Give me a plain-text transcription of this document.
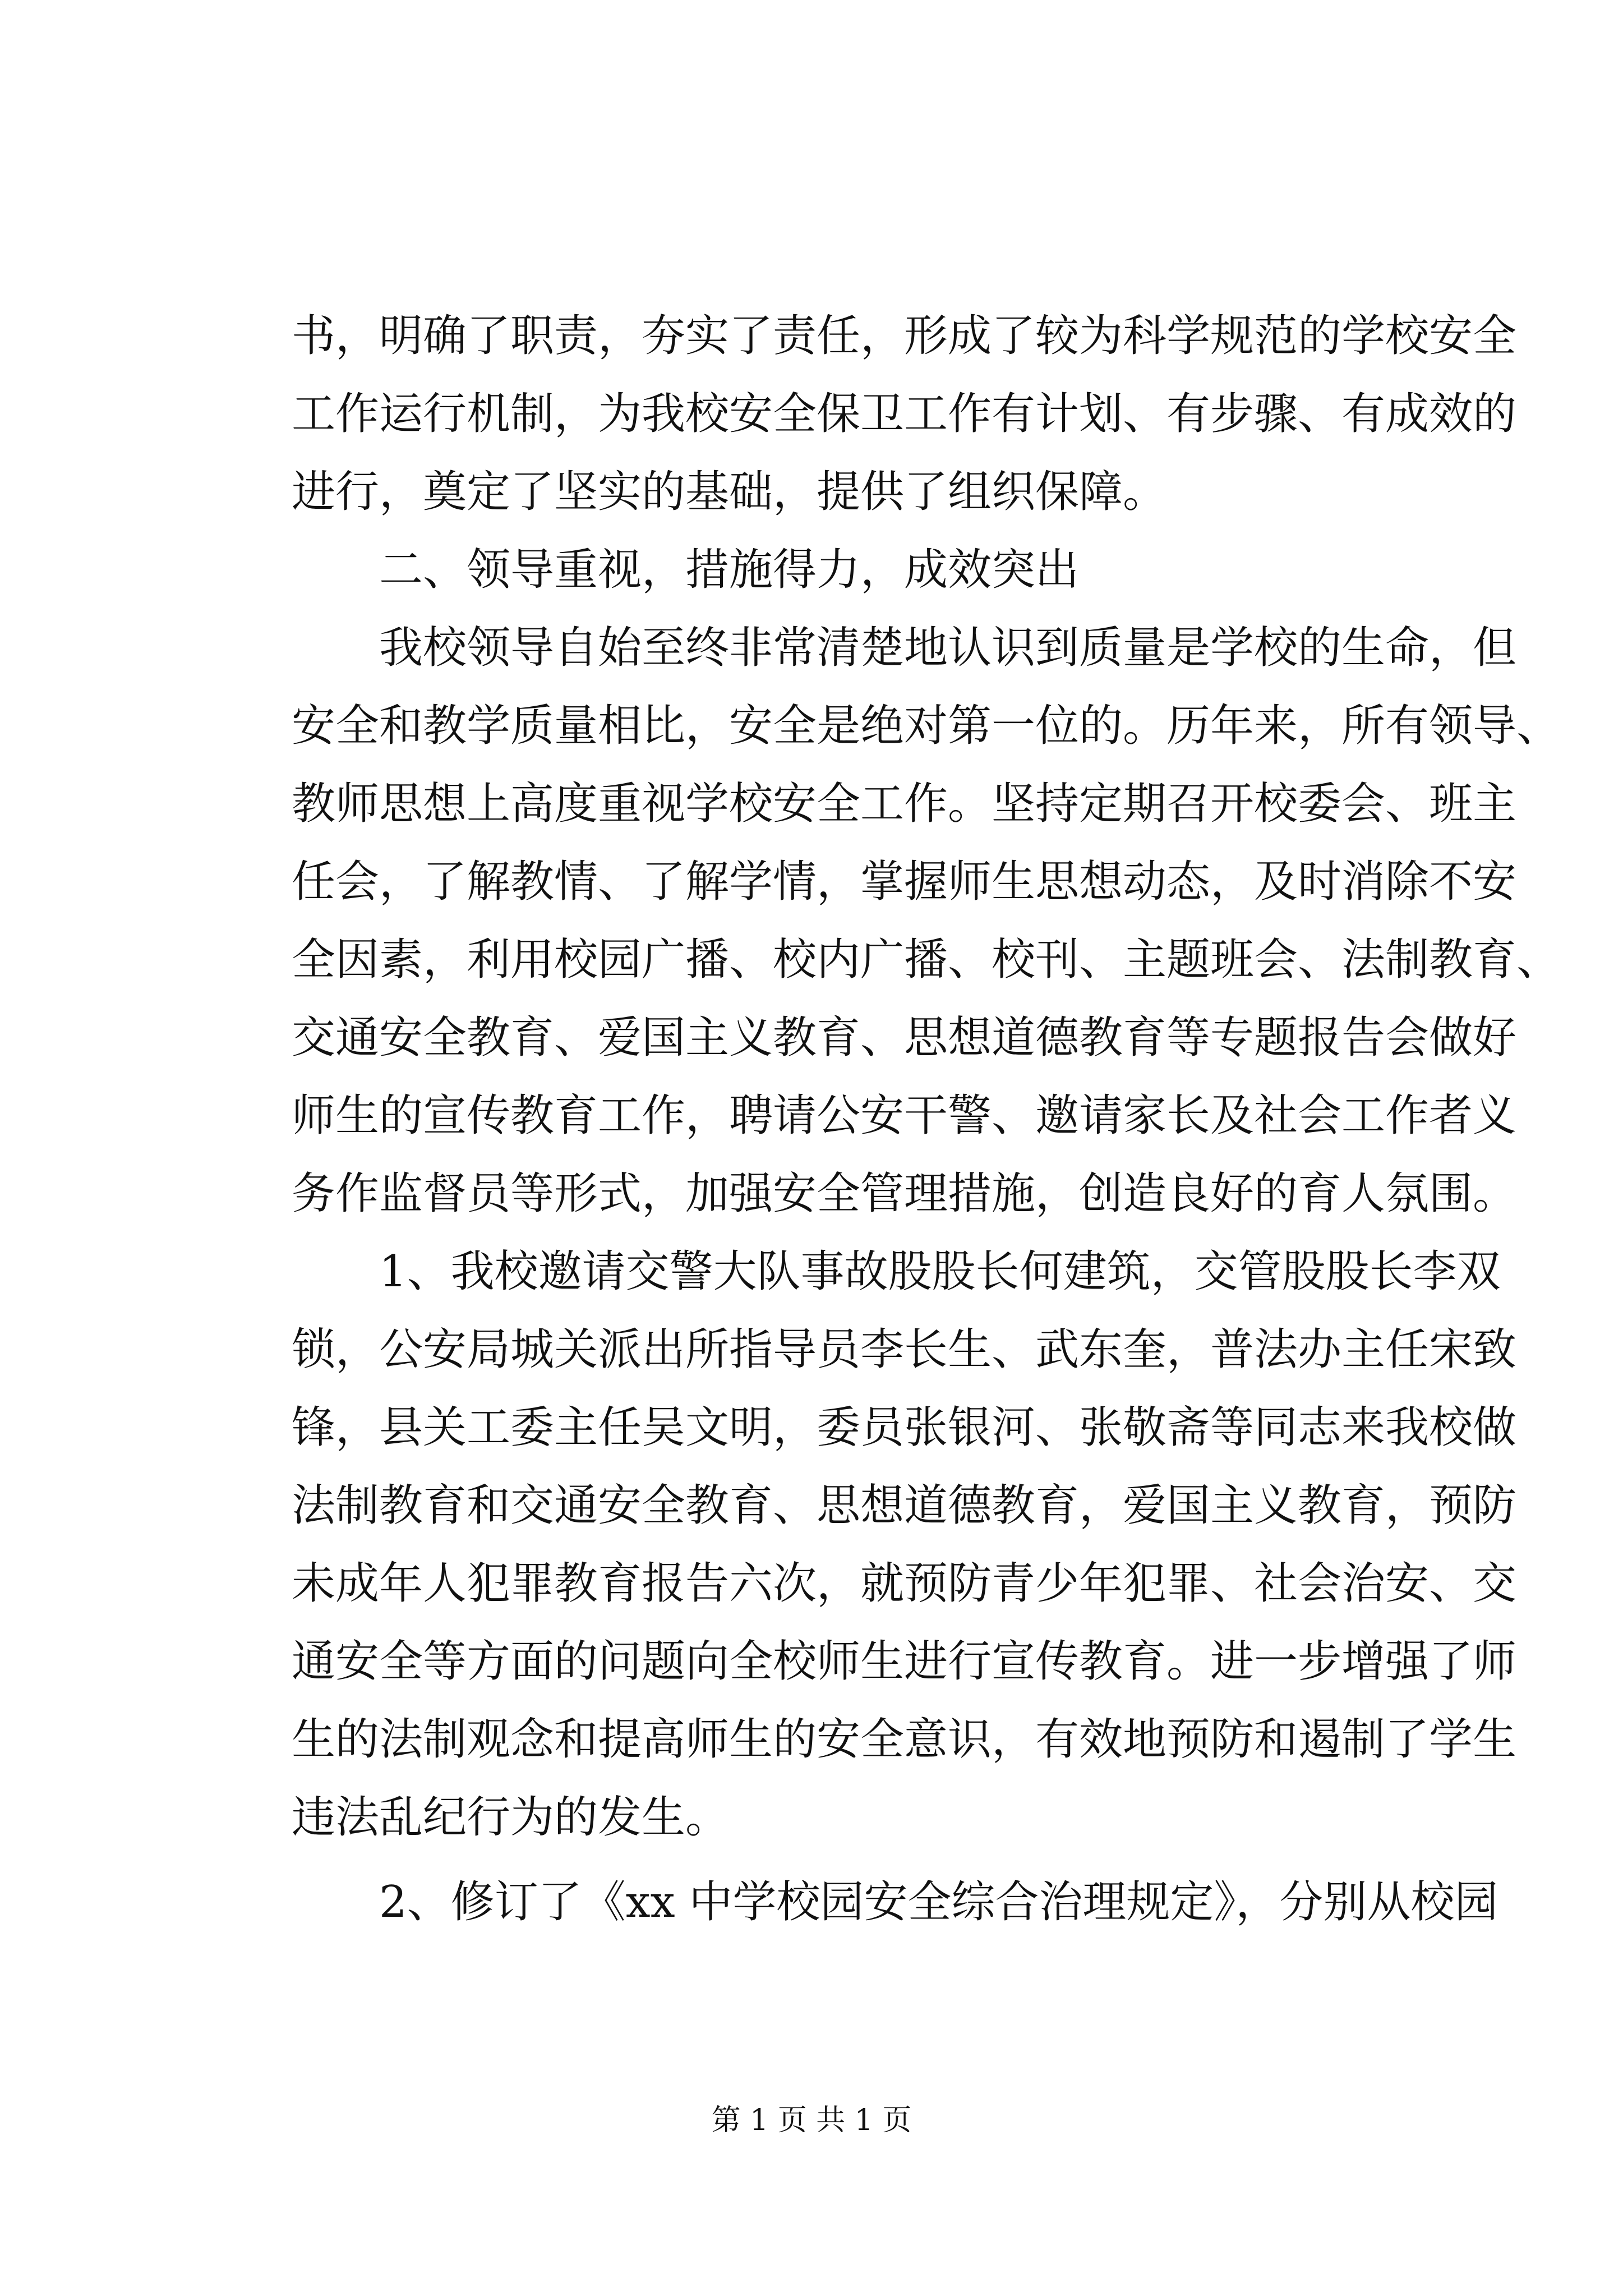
书，明确了职责，夯实了责任，形成了较为科学规范的学校安全
工作运行机制，为我校安全保卫工作有计划、有步骤、有成效的
进行，奠定了坚实的基础，提供了组织保障。
二、领导重视，措施得力，成效突出
我校领导自始至终非常清楚地认识到质量是学校的生命，但
安全和教学质量相比，安全是绝对第一位的。历年来，所有领导、
教师思想上高度重视学校安全工作。坚持定期召开校委会、班主
任会，了解教情、了解学情，掌握师生思想动态，及时消除不安
全因素，利用校园广播、校内广播、校刊、主题班会、法制教育、
交通安全教育、爱国主义教育、思想道德教育等专题报告会做好
师生的宣传教育工作，聘请公安干警、邀请家长及社会工作者义
务作监督员等形式，加强安全管理措施，创造良好的育人氛围。
1、我校邀请交警大队事故股股长何建筑，交管股股长李双
锁，公安局城关派出所指导员李长生、武东奎，普法办主任宋致
锋，县关工委主任吴文明，委员张银河、张敬斋等同志来我校做
法制教育和交通安全教育、思想道德教育，爱国主义教育，预防
未成年人犯罪教育报告六次，就预防青少年犯罪、社会治安、交
通安全等方面的问题向全校师生进行宣传教育。进一步增强了师
生的法制观念和提高师生的安全意识，有效地预防和遏制了学生
违法乱纪行为的发生。
2、修订了《xx 中学校园安全综合治理规定》，分别从校园
第 1 页 共 1 页
